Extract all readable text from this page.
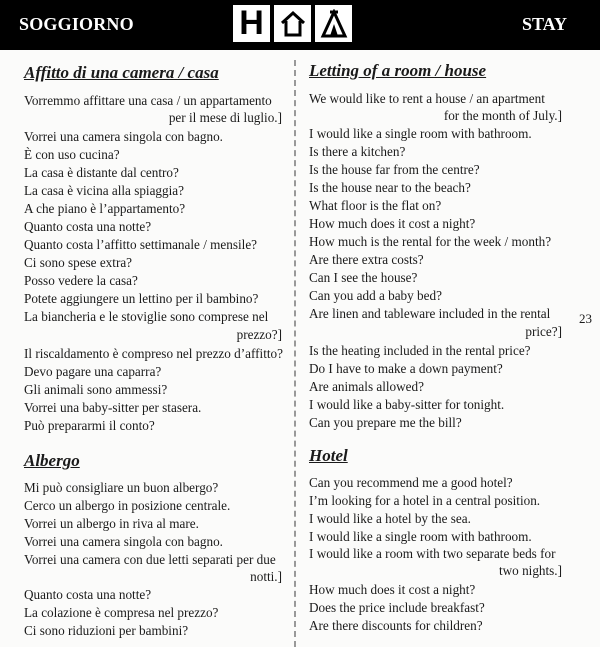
SOGGIORNO	H	STAY
Affitto di una camera / casa
Vorremmo affittare una casa / un appartamento
per il mese di luglio.]
Vorrei una camera singola con bagno.
È con uso cucina?
La casa è distante dal centro?
La casa è vicina alla spiaggia?
A che piano è l’appartamento?
Quanto costa una notte?
Quanto costa l’affitto settimanale / mensile?
Ci sono spese extra?
Posso vedere la casa?
Potete aggiungere un lettino per il bambino?
La biancheria e le stoviglie sono comprese nel
prezzo?]
Il riscaldamento è compreso nel prezzo d’affitto?
Devo pagare una caparra?
Gli animali sono ammessi?
Vorrei una baby-sitter per stasera.
Può prepararmi il conto?
Albergo
Mi può consigliare un buon albergo?
Cerco un albergo in posizione centrale.
Vorrei un albergo in riva al mare.
Vorrei una camera singola con bagno.
Vorrei una camera con due letti separati per due
notti.]
Quanto costa una notte?
La colazione è compresa nel prezzo?
Ci sono riduzioni per bambini?
Letting of a room / house
We would like to rent a house / an apartment
for the month of July.]
I would like a single room with bathroom.
Is there a kitchen?
Is the house far from the centre?
Is the house near to the beach?
What floor is the flat on?
How much does it cost a night?
How much is the rental for the week / month?
Are there extra costs?
Can I see the house?
Can you add a baby bed?
Are linen and tableware included in the rental
price?]
Is the heating included in the rental price?
Do I have to make a down payment?
Are animals allowed?
I would like a baby-sitter for tonight.
Can you prepare me the bill?
Hotel
Can you recommend me a good hotel?
I’m looking for a hotel in a central position.
I would like a hotel by the sea.
I would like a single room with bathroom.
I would like a room with two separate beds for
two nights.]
How much does it cost a night?
Does the price include breakfast?
Are there discounts for children?
23
